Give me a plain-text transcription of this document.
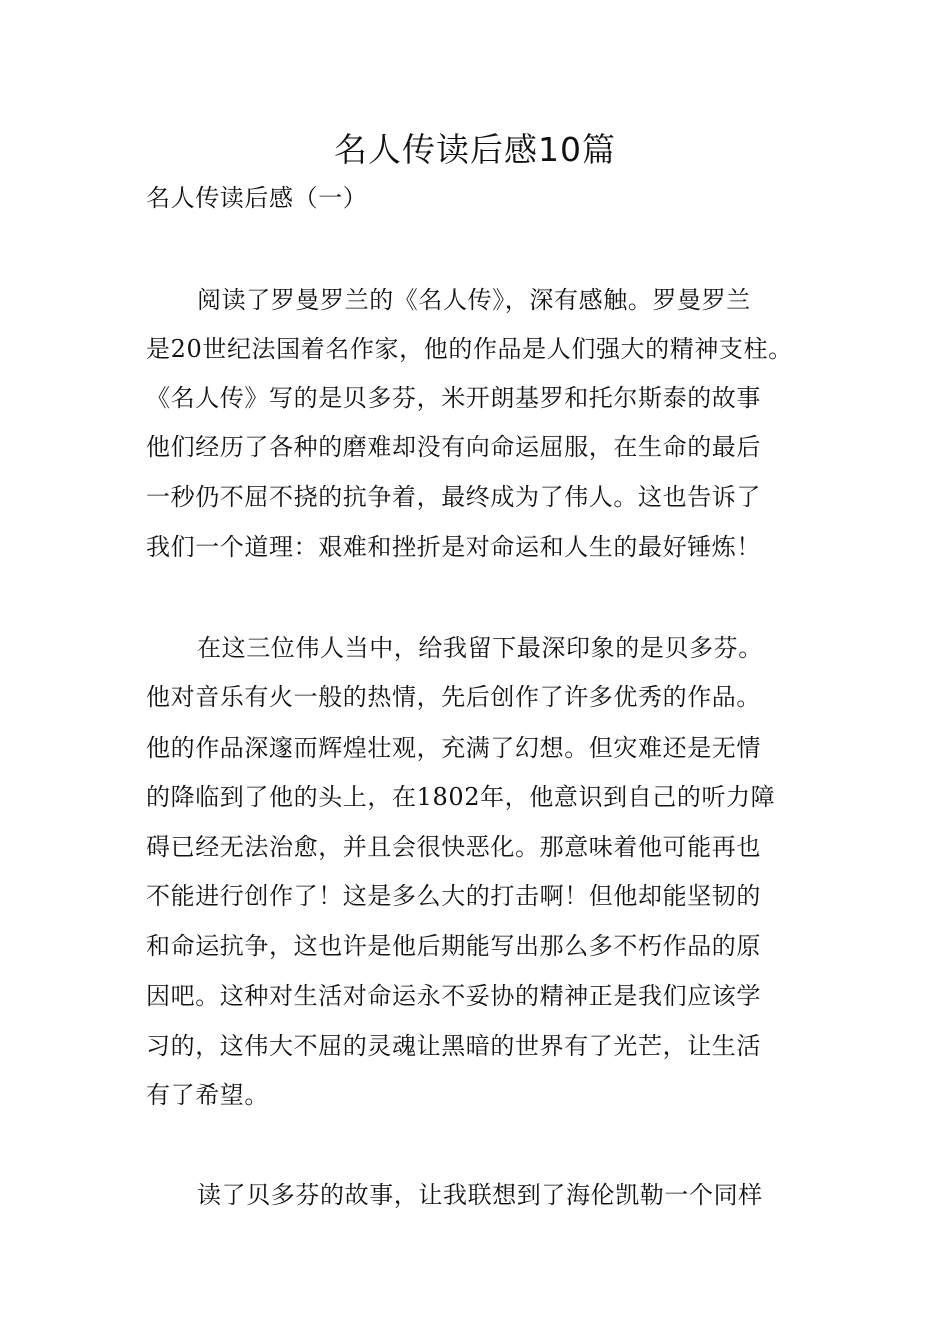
名人传读后感10篇
名人传读后感（一）
阅读了罗曼罗兰的《名人传》，深有感触。罗曼罗兰
是20世纪法国着名作家，他的作品是人们强大的精神支柱。
《名人传》写的是贝多芬，米开朗基罗和托尔斯泰的故事
他们经历了各种的磨难却没有向命运屈服，在生命的最后
一秒仍不屈不挠的抗争着，最终成为了伟人。这也告诉了
我们一个道理：艰难和挫折是对命运和人生的最好锤炼！
在这三位伟人当中，给我留下最深印象的是贝多芬。
他对音乐有火一般的热情，先后创作了许多优秀的作品。
他的作品深邃而辉煌壮观，充满了幻想。但灾难还是无情
的降临到了他的头上，在1802年，他意识到自己的听力障
碍已经无法治愈，并且会很快恶化。那意味着他可能再也
不能进行创作了！这是多么大的打击啊！但他却能坚韧的
和命运抗争，这也许是他后期能写出那么多不朽作品的原
因吧。这种对生活对命运永不妥协的精神正是我们应该学
习的，这伟大不屈的灵魂让黑暗的世界有了光芒，让生活
有了希望。
读了贝多芬的故事，让我联想到了海伦凯勒一个同样
